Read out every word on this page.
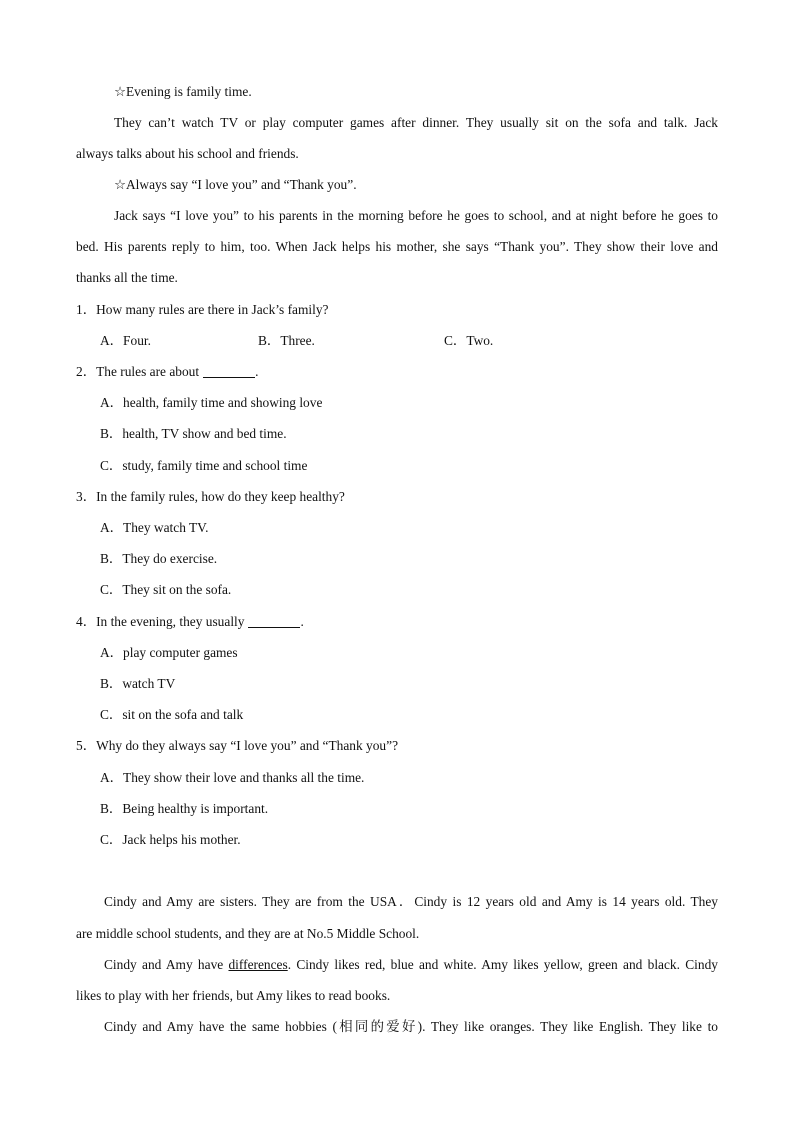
☆Evening is family time.
They can’t watch TV or play computer games after dinner. They usually sit on the sofa and talk. Jack
always talks about his school and friends.
☆Always say “I love you” and “Thank you”.
Jack says “I love you” to his parents in the morning before he goes to school, and at night before he goes to
bed. His parents reply to him, too. When Jack helps his mother, she says “Thank you”. They show their love and
thanks all the time.
1．How many rules are there in Jack’s family?
A．Four.	B．Three.	C．Two.
2．The rules are about	.
A．health, family time and showing love
B．health, TV show and bed time.
C．study, family time and school time
3．In the family rules, how do they keep healthy?
A．They watch TV.
B．They do exercise.
C．They sit on the sofa.
4．In the evening, they usually	.
A．play computer games
B．watch TV
C．sit on the sofa and talk
5．Why do they always say “I love you” and “Thank you”?
A．They show their love and thanks all the time.
B．Being healthy is important.
C．Jack helps his mother.
Cindy and Amy are sisters. They are from the USA．Cindy is 12 years old and Amy is 14 years old. They
are middle school students, and they are at No.5 Middle School.
Cindy and Amy have differences. Cindy likes red, blue and white. Amy likes yellow, green and black. Cindy
likes to play with her friends, but Amy likes to read books.
Cindy and Amy have the same hobbies (相同的爱好). They like oranges. They like English. They like to
